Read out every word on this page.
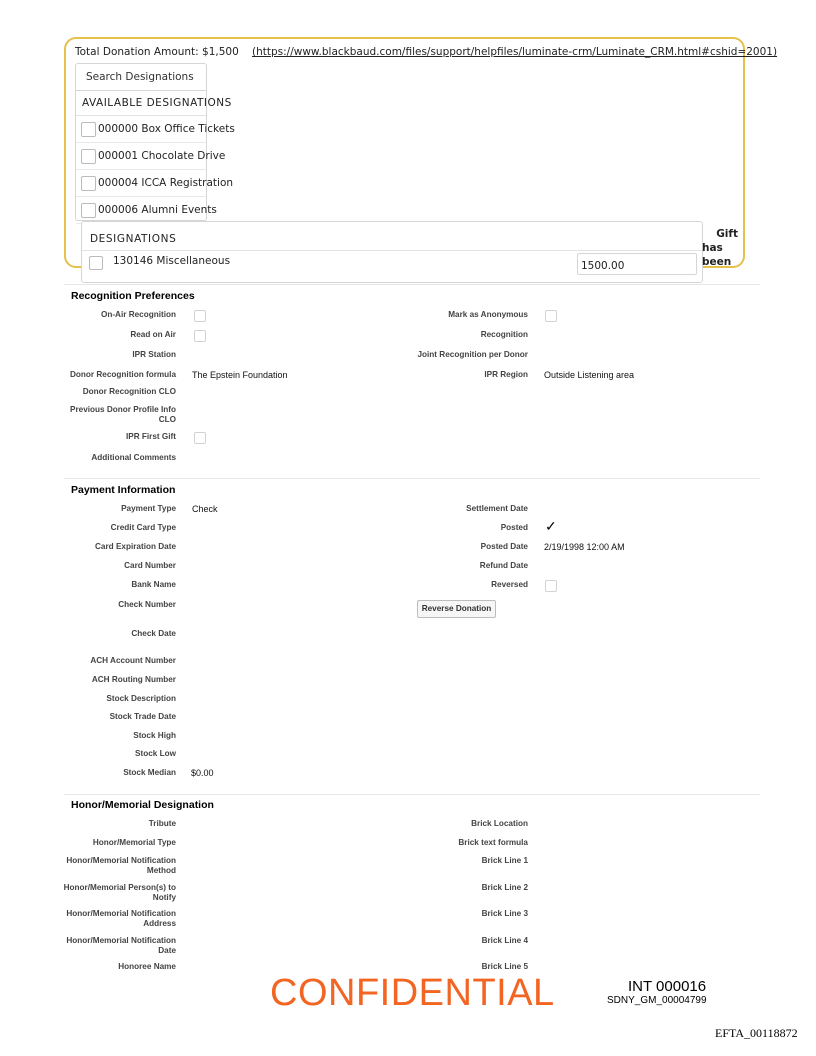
Total Donation Amount: $1,500 (https://www.blackbaud.com/files/support/helpfiles/luminate-crm/Luminate_CRM.html#cshid=2001)
Search Designations
AVAILABLE DESIGNATIONS
000000 Box Office Tickets
000001 Chocolate Drive
000004 ICCA Registration
000006 Alumni Events
DESIGNATIONS
130146 Miscellaneous	1500.00
Gift
has
been
Recognition Preferences
On-Air Recognition
Read on Air
IPR Station
Donor Recognition formula The Epstein Foundation
Donor Recognition CLO
Previous Donor Profile Info CLO
IPR First Gift
Additional Comments
Mark as Anonymous
Recognition
Joint Recognition per Donor
IPR Region Outside Listening area
Payment Information
Payment Type Check
Credit Card Type
Card Expiration Date
Card Number
Bank Name
Check Number
Check Date
ACH Account Number
ACH Routing Number
Stock Description
Stock Trade Date
Stock High
Stock Low
Stock Median $0.00
Settlement Date
Posted ✓
Posted Date 2/19/1998 12:00 AM
Refund Date
Reversed
Reverse Donation
Honor/Memorial Designation
Tribute
Honor/Memorial Type
Honor/Memorial Notification Method
Honor/Memorial Person(s) to Notify
Honor/Memorial Notification Address
Honor/Memorial Notification Date
Honoree Name
Brick Location
Brick text formula
Brick Line 1
Brick Line 2
Brick Line 3
Brick Line 4
Brick Line 5
CONFIDENTIAL	INT 000016
SDNY_GM_00004799
EFTA_00118872
